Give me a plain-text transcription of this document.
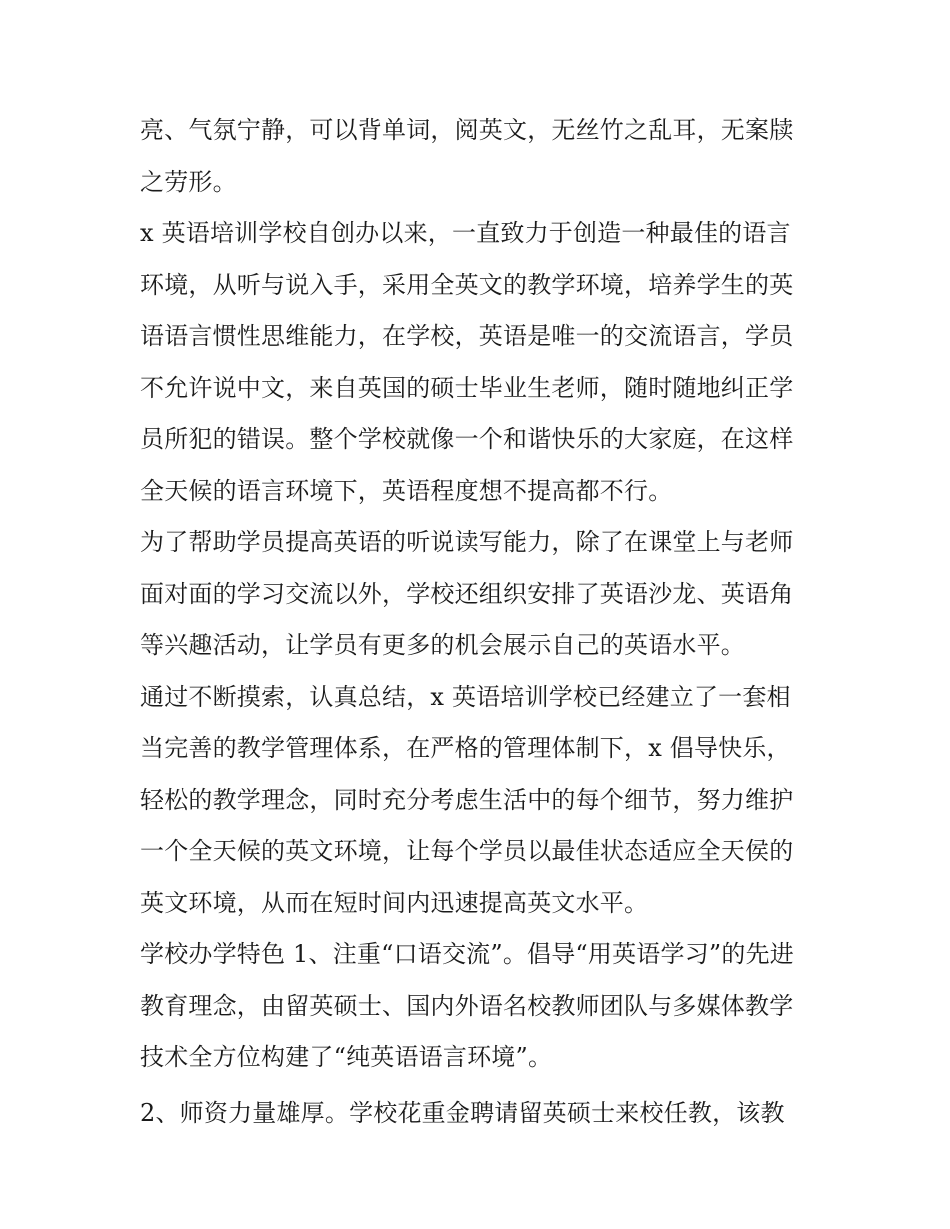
亮、气氛宁静，可以背单词，阅英文，无丝竹之乱耳，无案牍
之劳形。

x 英语培训学校自创办以来，一直致力于创造一种最佳的语言
环境，从听与说入手，采用全英文的教学环境，培养学生的英
语语言惯性思维能力，在学校，英语是唯一的交流语言，学员
不允许说中文，来自英国的硕士毕业生老师，随时随地纠正学
员所犯的错误。整个学校就像一个和谐快乐的大家庭，在这样
全天候的语言环境下，英语程度想不提高都不行。

为了帮助学员提高英语的听说读写能力，除了在课堂上与老师
面对面的学习交流以外，学校还组织安排了英语沙龙、英语角
等兴趣活动，让学员有更多的机会展示自己的英语水平。

通过不断摸索，认真总结，x 英语培训学校已经建立了一套相
当完善的教学管理体系，在严格的管理体制下，x 倡导快乐，
轻松的教学理念，同时充分考虑生活中的每个细节，努力维护
一个全天候的英文环境，让每个学员以最佳状态适应全天侯的
英文环境，从而在短时间内迅速提高英文水平。

学校办学特色 1、注重“口语交流”。倡导“用英语学习”的先进
教育理念，由留英硕士、国内外语名校教师团队与多媒体教学
技术全方位构建了“纯英语语言环境”。

2、师资力量雄厚。学校花重金聘请留英硕士来校任教，该教
